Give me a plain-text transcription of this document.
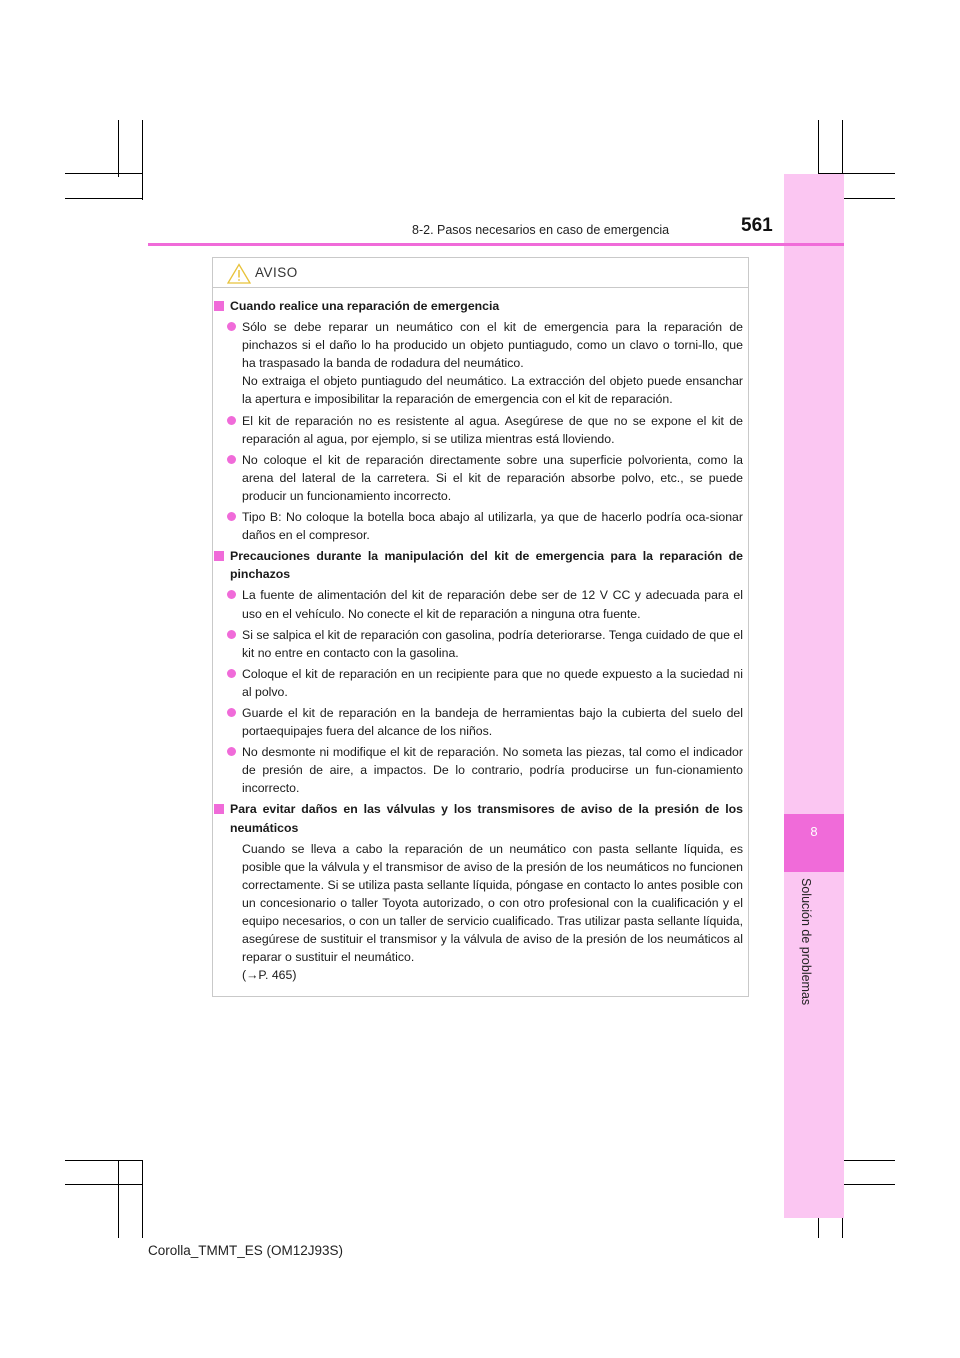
8
Solución de problemas
8-2. Pasos necesarios en caso de emergencia	561
AVISO
Cuando realice una reparación de emergencia
Sólo se debe reparar un neumático con el kit de emergencia para la reparación de pinchazos si el daño lo ha producido un objeto puntiagudo, como un clavo o torni-llo, que ha traspasado la banda de rodadura del neumático.
No extraiga el objeto puntiagudo del neumático. La extracción del objeto puede ensanchar la apertura e imposibilitar la reparación de emergencia con el kit de reparación.
El kit de reparación no es resistente al agua. Asegúrese de que no se expone el kit de reparación al agua, por ejemplo, si se utiliza mientras está lloviendo.
No coloque el kit de reparación directamente sobre una superficie polvorienta, como la arena del lateral de la carretera. Si el kit de reparación absorbe polvo, etc., se puede producir un funcionamiento incorrecto.
Tipo B: No coloque la botella boca abajo al utilizarla, ya que de hacerlo podría oca-sionar daños en el compresor.
Precauciones durante la manipulación del kit de emergencia para la reparación de pinchazos
La fuente de alimentación del kit de reparación debe ser de 12 V CC y adecuada para el uso en el vehículo. No conecte el kit de reparación a ninguna otra fuente.
Si se salpica el kit de reparación con gasolina, podría deteriorarse. Tenga cuidado de que el kit no entre en contacto con la gasolina.
Coloque el kit de reparación en un recipiente para que no quede expuesto a la suciedad ni al polvo.
Guarde el kit de reparación en la bandeja de herramientas bajo la cubierta del suelo del portaequipajes fuera del alcance de los niños.
No desmonte ni modifique el kit de reparación. No someta las piezas, tal como el indicador de presión de aire, a impactos. De lo contrario, podría producirse un fun-cionamiento incorrecto.
Para evitar daños en las válvulas y los transmisores de aviso de la presión de los neumáticos
Cuando se lleva a cabo la reparación de un neumático con pasta sellante líquida, es posible que la válvula y el transmisor de aviso de la presión de los neumáticos no funcionen correctamente. Si se utiliza pasta sellante líquida, póngase en contacto lo antes posible con un concesionario o taller Toyota autorizado, o con otro profesional con la cualificación y el equipo necesarios, o con un taller de servicio cualificado. Tras utilizar pasta sellante líquida, asegúrese de sustituir el transmisor y la válvula de aviso de la presión de los neumáticos al reparar o sustituir el neumático.
(→P. 465)
Corolla_TMMT_ES (OM12J93S)
